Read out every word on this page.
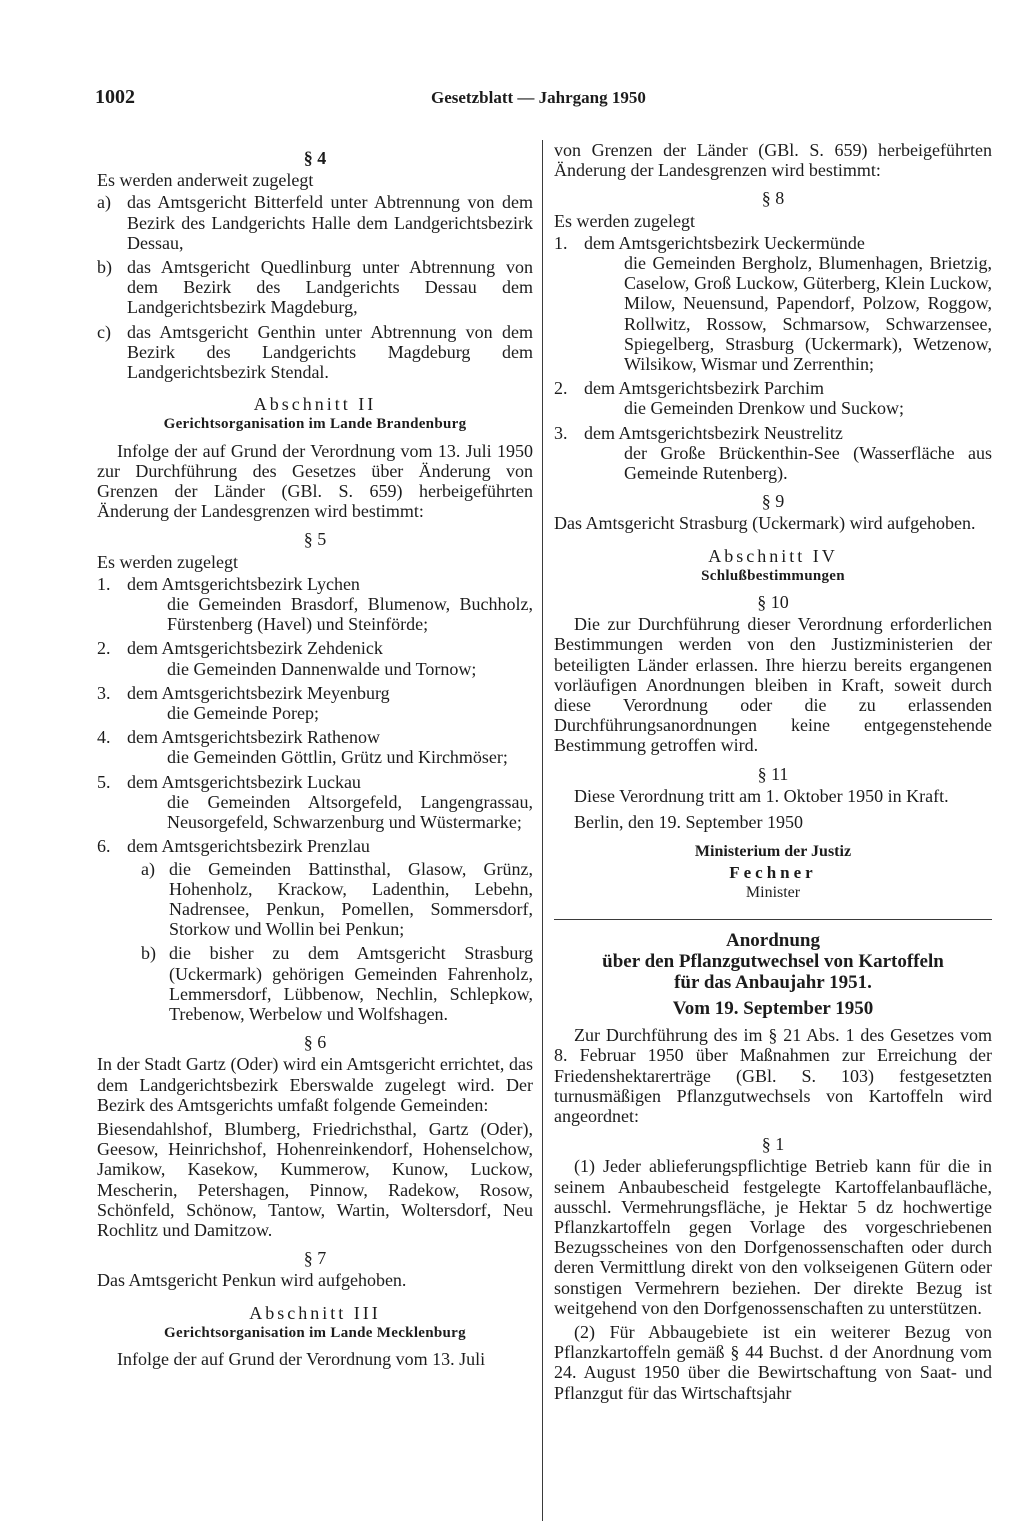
1002	Gesetzblatt — Jahrgang 1950

§ 4

Es werden anderweit zugelegt

a) das Amtsgericht Bitterfeld unter Abtrennung von dem Bezirk des Landgerichts Halle dem Landgerichtsbezirk Dessau,
b) das Amtsgericht Quedlinburg unter Abtrennung von dem Bezirk des Landgerichts Dessau dem Landgerichtsbezirk Magdeburg,
c) das Amtsgericht Genthin unter Abtrennung von dem Bezirk des Landgerichts Magdeburg dem Landgerichtsbezirk Stendal.

Abschnitt II

Gerichtsorganisation im Lande Brandenburg

Infolge der auf Grund der Verordnung vom 13. Juli 1950 zur Durchführung des Gesetzes über Änderung von Grenzen der Länder (GBl. S. 659) herbeigeführten Änderung der Landesgrenzen wird bestimmt:

§ 5

Es werden zugelegt

1. dem Amtsgerichtsbezirk Lychen
die Gemeinden Brasdorf, Blumenow, Buchholz, Fürstenberg (Havel) und Steinförde;
2. dem Amtsgerichtsbezirk Zehdenick
die Gemeinden Dannenwalde und Tornow;
3. dem Amtsgerichtsbezirk Meyenburg
die Gemeinde Porep;
4. dem Amtsgerichtsbezirk Rathenow
die Gemeinden Göttlin, Grütz und Kirchmöser;
5. dem Amtsgerichtsbezirk Luckau
die Gemeinden Altsorgefeld, Langengrassau, Neusorgefeld, Schwarzenburg und Wüstermarke;
6. dem Amtsgerichtsbezirk Prenzlau
a) die Gemeinden Battinsthal, Glasow, Grünz, Hohenholz, Krackow, Ladenthin, Lebehn, Nadrensee, Penkun, Pomellen, Sommersdorf, Storkow und Wollin bei Penkun;
b) die bisher zu dem Amtsgericht Strasburg (Uckermark) gehörigen Gemeinden Fahrenholz, Lemmersdorf, Lübbenow, Nechlin, Schlepkow, Trebenow, Werbelow und Wolfshagen.

§ 6

In der Stadt Gartz (Oder) wird ein Amtsgericht errichtet, das dem Landgerichtsbezirk Eberswalde zugelegt wird. Der Bezirk des Amtsgerichts umfaßt folgende Gemeinden:

Biesendahlshof, Blumberg, Friedrichsthal, Gartz (Oder), Geesow, Heinrichshof, Hohenreinkendorf, Hohenselchow, Jamikow, Kasekow, Kummerow, Kunow, Luckow, Mescherin, Petershagen, Pinnow, Radekow, Rosow, Schönfeld, Schönow, Tantow, Wartin, Woltersdorf, Neu Rochlitz und Damitzow.

§ 7

Das Amtsgericht Penkun wird aufgehoben.

Abschnitt III

Gerichtsorganisation im Lande Mecklenburg

Infolge der auf Grund der Verordnung vom 13. Juli

von Grenzen der Länder (GBl. S. 659) herbeigeführten Änderung der Landesgrenzen wird bestimmt:

§ 8

Es werden zugelegt

1. dem Amtsgerichtsbezirk Ueckermünde
die Gemeinden Bergholz, Blumenhagen, Brietzig, Caselow, Groß Luckow, Güterberg, Klein Luckow, Milow, Neuensund, Papendorf, Polzow, Roggow, Rollwitz, Rossow, Schmarsow, Schwarzensee, Spiegelberg, Strasburg (Uckermark), Wetzenow, Wilsikow, Wismar und Zerrenthin;
2. dem Amtsgerichtsbezirk Parchim
die Gemeinden Drenkow und Suckow;
3. dem Amtsgerichtsbezirk Neustrelitz
der Große Brückenthin-See (Wasserfläche aus Gemeinde Rutenberg).

§ 9

Das Amtsgericht Strasburg (Uckermark) wird aufgehoben.

Abschnitt IV

Schlußbestimmungen

§ 10

Die zur Durchführung dieser Verordnung erforderlichen Bestimmungen werden von den Justizministerien der beteiligten Länder erlassen. Ihre hierzu bereits ergangenen vorläufigen Anordnungen bleiben in Kraft, soweit durch diese Verordnung oder die zu erlassenden Durchführungsanordnungen keine entgegenstehende Bestimmung getroffen wird.

§ 11

Diese Verordnung tritt am 1. Oktober 1950 in Kraft.

Berlin, den 19. September 1950

Ministerium der Justiz

Fechner

Minister

Anordnung

über den Pflanzgutwechsel von Kartoffeln

für das Anbaujahr 1951.

Vom 19. September 1950

Zur Durchführung des im § 21 Abs. 1 des Gesetzes vom 8. Februar 1950 über Maßnahmen zur Erreichung der Friedenshektarerträge (GBl. S. 103) festgesetzten turnusmäßigen Pflanzgutwechsels von Kartoffeln wird angeordnet:

§ 1

(1) Jeder ablieferungspflichtige Betrieb kann für die in seinem Anbaubescheid festgelegte Kartoffelanbaufläche, ausschl. Vermehrungsfläche, je Hektar 5 dz hochwertige Pflanzkartoffeln gegen Vorlage des vorgeschriebenen Bezugsscheines von den Dorfgenossenschaften oder durch deren Vermittlung direkt von den volkseigenen Gütern oder sonstigen Vermehrern beziehen. Der direkte Bezug ist weitgehend von den Dorfgenossenschaften zu unterstützen.

(2) Für Abbaugebiete ist ein weiterer Bezug von Pflanzkartoffeln gemäß § 44 Buchst. d der Anordnung vom 24. August 1950 über die Bewirtschaftung von Saat- und Pflanzgut für das Wirtschaftsjahr
